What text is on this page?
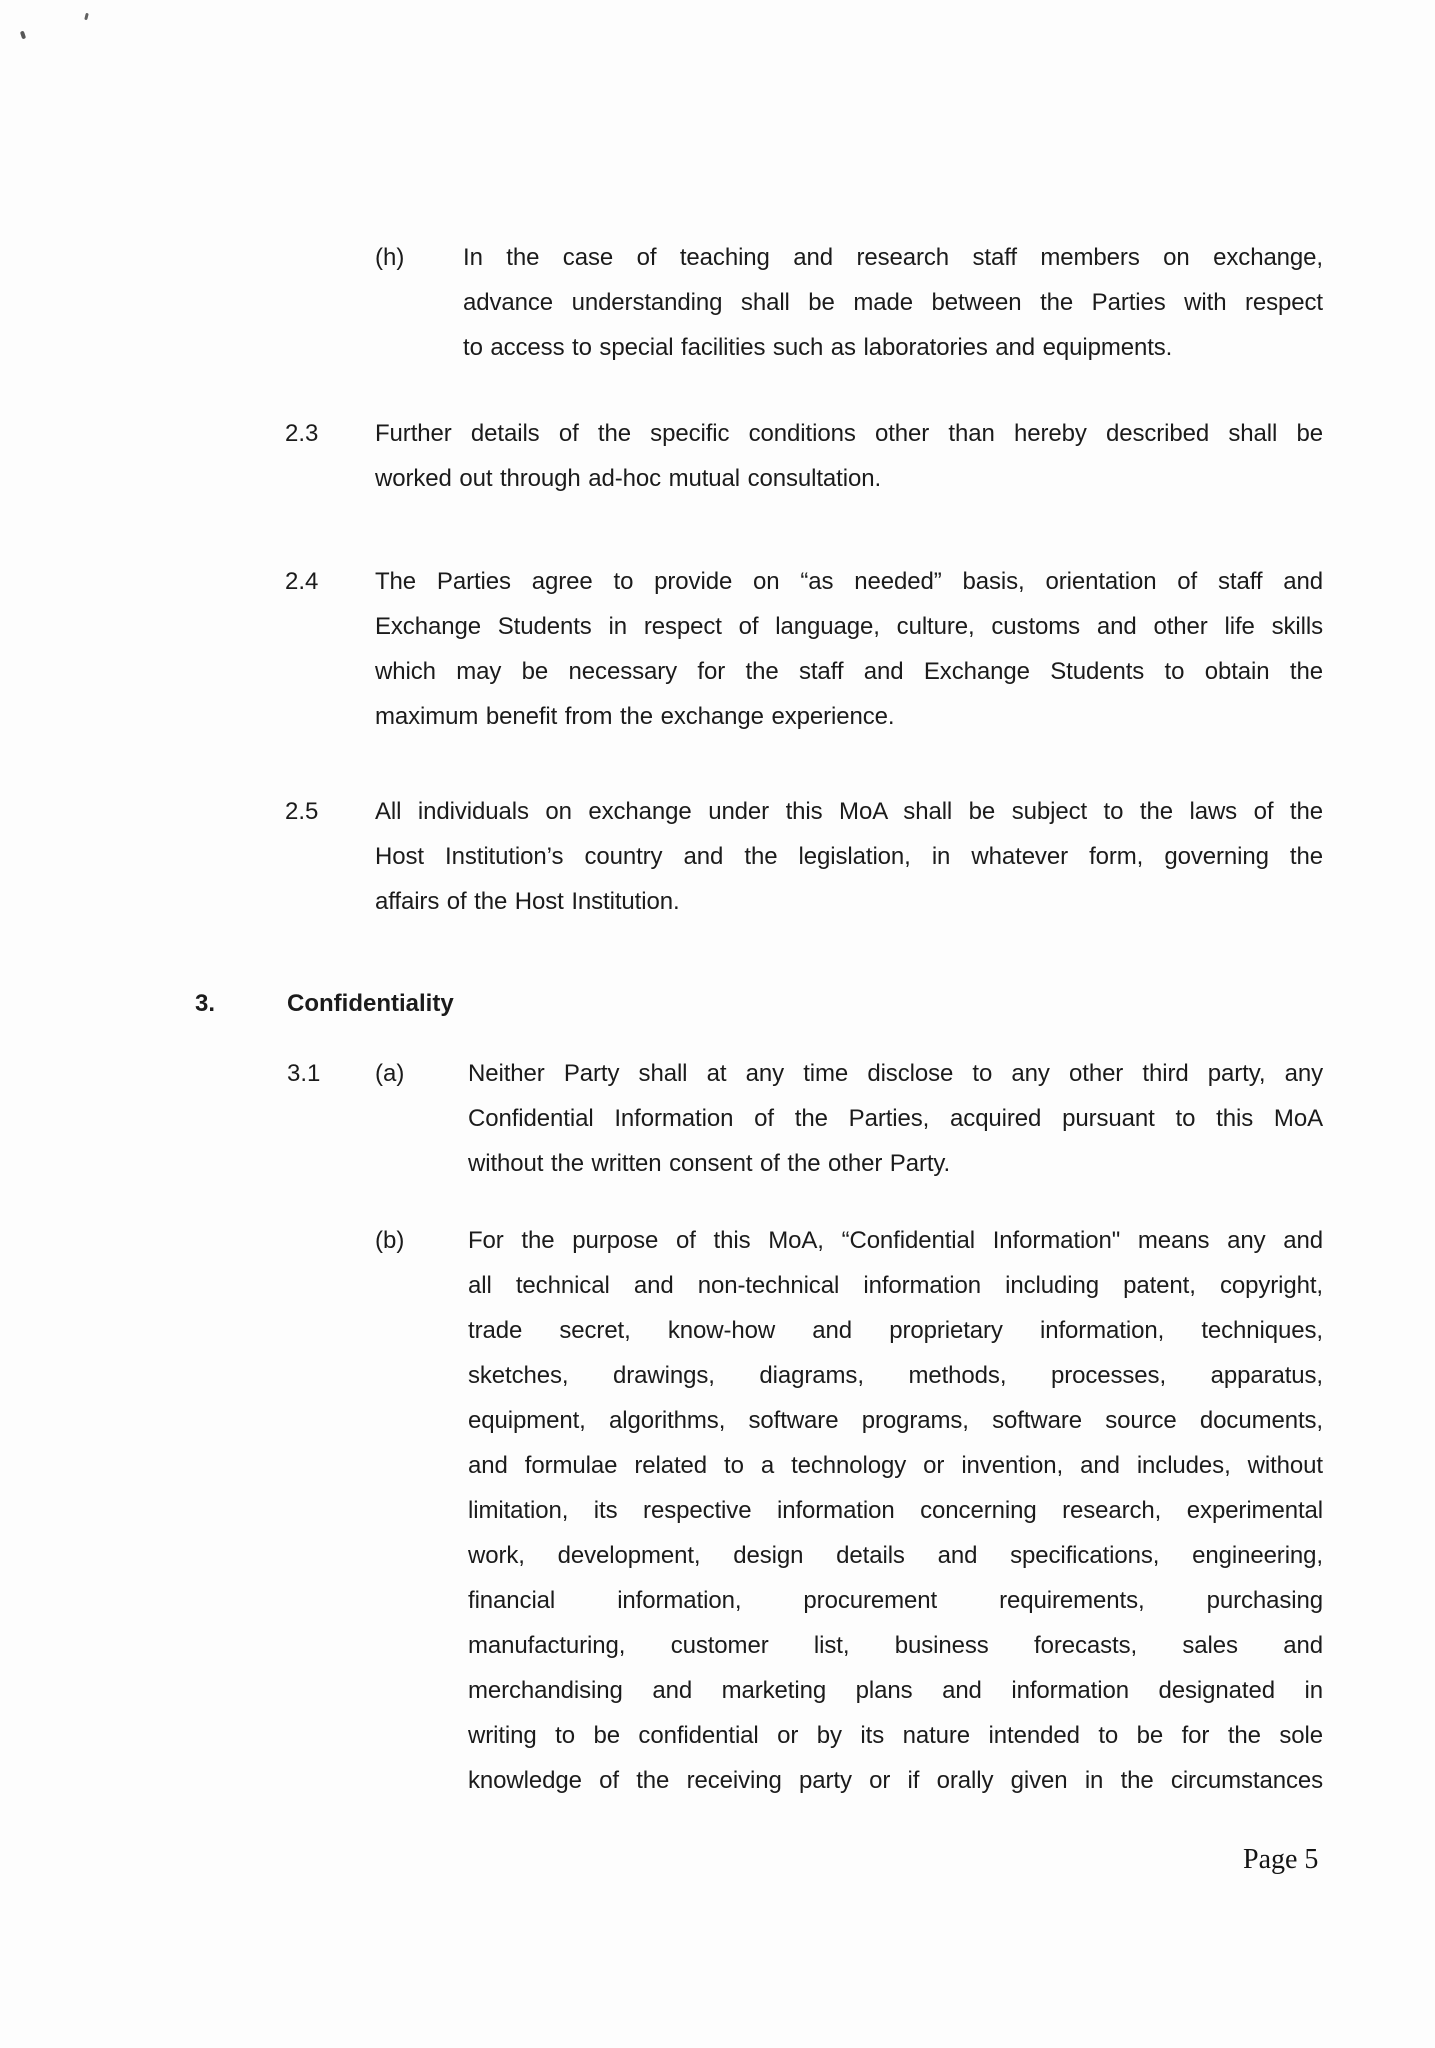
(h) In the case of teaching and research staff members on exchange,
advance understanding shall be made between the Parties with respect
to access to special facilities such as laboratories and equipments.
2.3 Further details of the specific conditions other than hereby described shall be
worked out through ad-hoc mutual consultation.
2.4 The Parties agree to provide on “as needed” basis, orientation of staff and
Exchange Students in respect of language, culture, customs and other life skills
which may be necessary for the staff and Exchange Students to obtain the
maximum benefit from the exchange experience.
2.5 All individuals on exchange under this MoA shall be subject to the laws of the
Host Institution’s country and the legislation, in whatever form, governing the
affairs of the Host Institution.
3.	Confidentiality
3.1 (a)	Neither Party shall at any time disclose to any other third party, any
Confidential Information of the Parties, acquired pursuant to this MoA
without the written consent of the other Party.
(b)	For the purpose of this MoA, “Confidential Information" means any and
all technical and non-technical information including patent, copyright,
trade secret, know-how and proprietary information, techniques,
sketches, drawings, diagrams, methods, processes, apparatus,
equipment, algorithms, software programs, software source documents,
and formulae related to a technology or invention, and includes, without
limitation, its respective information concerning research, experimental
work, development, design details and specifications, engineering,
financial information, procurement requirements, purchasing
manufacturing, customer list, business forecasts, sales and
merchandising and marketing plans and information designated in
writing to be confidential or by its nature intended to be for the sole
knowledge of the receiving party or if orally given in the circumstances
Page 5
